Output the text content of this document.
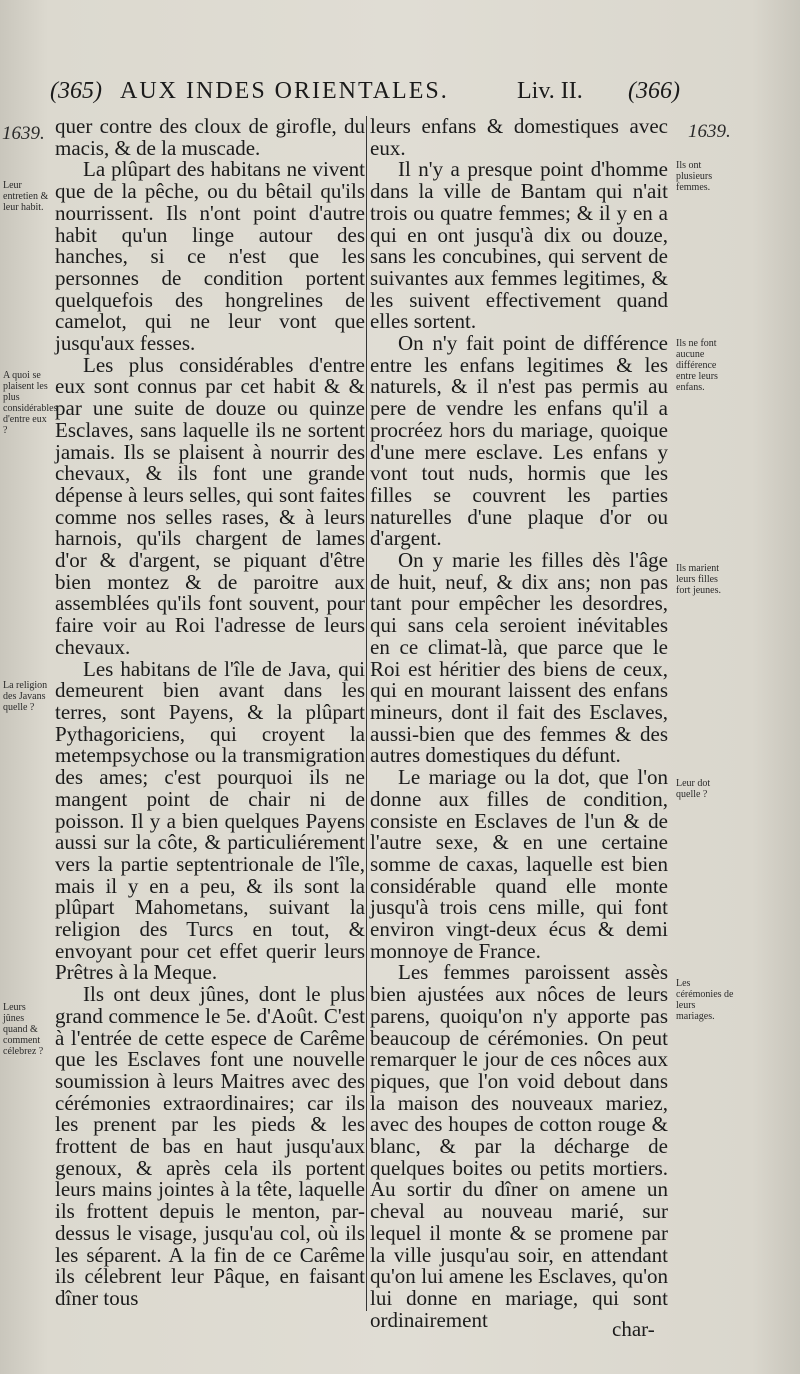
(365) AUX INDES ORIENTALES.	Liv. II. (366)
1639.
Leur entretien & leur habit.
A quoi se plaisent les plus considérables d'entre eux ?
La religion des Javans quelle ?
Leurs jûnes quand & comment célebrez ?
1639.
Ils ont plusieurs femmes.
Ils ne font aucune différence entre leurs enfans.
Ils marient leurs filles fort jeunes.
Leur dot quelle ?
Les cérémonies de leurs mariages.

quer contre des cloux de girofle, du macis, & de la muscade.

La plûpart des habitans ne vivent que de la pêche, ou du bêtail qu'ils nourrissent. Ils n'ont point d'autre habit qu'un linge autour des hanches, si ce n'est que les personnes de condition portent quelquefois des hongrelines de camelot, qui ne leur vont que jusqu'aux fesses.

Les plus considérables d'entre eux sont connus par cet habit & & par une suite de douze ou quinze Esclaves, sans laquelle ils ne sortent jamais. Ils se plaisent à nourrir des chevaux, & ils font une grande dépense à leurs selles, qui sont faites comme nos selles rases, & à leurs harnois, qu'ils chargent de lames d'or & d'argent, se piquant d'être bien montez & de paroitre aux assemblées qu'ils font souvent, pour faire voir au Roi l'adresse de leurs chevaux.

Les habitans de l'île de Java, qui demeurent bien avant dans les terres, sont Payens, & la plûpart Pythagoriciens, qui croyent la metempsychose ou la transmigration des ames; c'est pourquoi ils ne mangent point de chair ni de poisson. Il y a bien quelques Payens aussi sur la côte, & particuliérement vers la partie septentrionale de l'île, mais il y en a peu, & ils sont la plûpart Mahometans, suivant la religion des Turcs en tout, & envoyant pour cet effet querir leurs Prêtres à la Meque.

Ils ont deux jûnes, dont le plus grand commence le 5e. d'Août. C'est à l'entrée de cette espece de Carême que les Esclaves font une nouvelle soumission à leurs Maitres avec des cérémonies extraordinaires; car ils les prenent par les pieds & les frottent de bas en haut jusqu'aux genoux, & après cela ils portent leurs mains jointes à la tête, laquelle ils frottent depuis le menton, par-dessus le visage, jusqu'au col, où ils les séparent. A la fin de ce Carême ils célebrent leur Pâque, en faisant dîner tous

leurs enfans & domestiques avec eux.

Il n'y a presque point d'homme dans la ville de Bantam qui n'ait trois ou quatre femmes; & il y en a qui en ont jusqu'à dix ou douze, sans les concubines, qui servent de suivantes aux femmes legitimes, & les suivent effectivement quand elles sortent.

On n'y fait point de différence entre les enfans legitimes & les naturels, & il n'est pas permis au pere de vendre les enfans qu'il a procréez hors du mariage, quoique d'une mere esclave. Les enfans y vont tout nuds, hormis que les filles se couvrent les parties naturelles d'une plaque d'or ou d'argent.

On y marie les filles dès l'âge de huit, neuf, & dix ans; non pas tant pour empêcher les desordres, qui sans cela seroient inévitables en ce climat-là, que parce que le Roi est héritier des biens de ceux, qui en mourant laissent des enfans mineurs, dont il fait des Esclaves, aussi-bien que des femmes & des autres domestiques du défunt.

Le mariage ou la dot, que l'on donne aux filles de condition, consiste en Esclaves de l'un & de l'autre sexe, & en une certaine somme de caxas, laquelle est bien considérable quand elle monte jusqu'à trois cens mille, qui font environ vingt-deux écus & demi monnoye de France.

Les femmes paroissent assès bien ajustées aux nôces de leurs parens, quoiqu'on n'y apporte pas beaucoup de cérémonies. On peut remarquer le jour de ces nôces aux piques, que l'on void debout dans la maison des nouveaux mariez, avec des houpes de cotton rouge & blanc, & par la décharge de quelques boites ou petits mortiers. Au sortir du dîner on amene un cheval au nouveau marié, sur lequel il monte & se promene par la ville jusqu'au soir, en attendant qu'on lui amene les Esclaves, qu'on lui donne en mariage, qui sont ordinairement	char-
